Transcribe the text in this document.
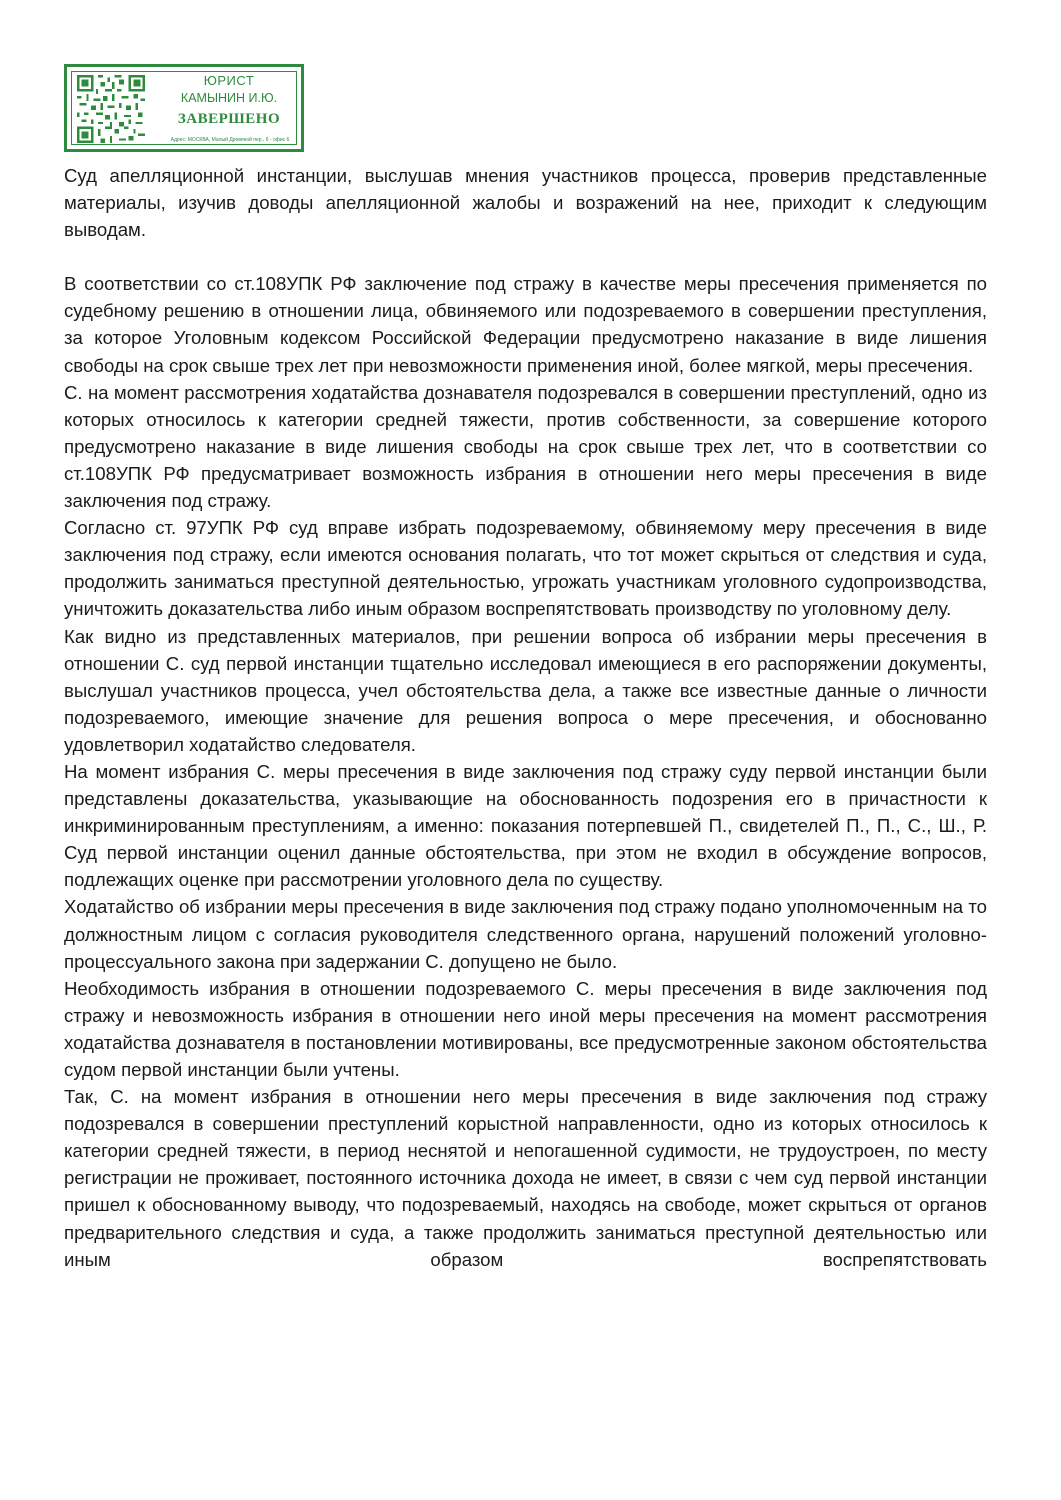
ЮРИСТ
КАМЫНИН И.Ю.
ЗАВЕРШЕНО
Адрес: МОСКВА, Малый Дровяной пер., 6 - офис 6

Суд апелляционной инстанции, выслушав мнения участников процесса, проверив представленные материалы, изучив доводы апелляционной жалобы и возражений на нее, приходит к следующим выводам.

В соответствии со ст.108УПК РФ заключение под стражу в качестве меры пресечения применяется по судебному решению в отношении лица, обвиняемого или подозреваемого в совершении преступления, за которое Уголовным кодексом Российской Федерации предусмотрено наказание в виде лишения свободы на срок свыше трех лет при невозможности применения иной, более мягкой, меры пресечения.

С. на момент рассмотрения ходатайства дознавателя подозревался в совершении преступлений, одно из которых относилось к категории средней тяжести, против собственности, за совершение которого предусмотрено наказание в виде лишения свободы на срок свыше трех лет, что в соответствии со ст.108УПК РФ предусматривает возможность избрания в отношении него меры пресечения в виде заключения под стражу.

Согласно ст. 97УПК РФ суд вправе избрать подозреваемому, обвиняемому меру пресечения в виде заключения под стражу, если имеются основания полагать, что тот может скрыться от следствия и суда, продолжить заниматься преступной деятельностью, угрожать участникам уголовного судопроизводства, уничтожить доказательства либо иным образом воспрепятствовать производству по уголовному делу.

Как видно из представленных материалов, при решении вопроса об избрании меры пресечения в отношении С. суд первой инстанции тщательно исследовал имеющиеся в его распоряжении документы, выслушал участников процесса, учел обстоятельства дела, а также все известные данные о личности подозреваемого, имеющие значение для решения вопроса о мере пресечения, и обоснованно удовлетворил ходатайство следователя.

На момент избрания С. меры пресечения в виде заключения под стражу суду первой инстанции были представлены доказательства, указывающие на обоснованность подозрения его в причастности к инкриминированным преступлениям, а именно: показания потерпевшей П., свидетелей П., П., С., Ш., Р. Суд первой инстанции оценил данные обстоятельства, при этом не входил в обсуждение вопросов, подлежащих оценке при рассмотрении уголовного дела по существу.

Ходатайство об избрании меры пресечения в виде заключения под стражу подано уполномоченным на то должностным лицом с согласия руководителя следственного органа, нарушений положений уголовно-процессуального закона при задержании С. допущено не было.

Необходимость избрания в отношении подозреваемого С. меры пресечения в виде заключения под стражу и невозможность избрания в отношении него иной меры пресечения на момент рассмотрения ходатайства дознавателя в постановлении мотивированы, все предусмотренные законом обстоятельства судом первой инстанции были учтены.

Так, С. на момент избрания в отношении него меры пресечения в виде заключения под стражу подозревался в совершении преступлений корыстной направленности, одно из которых относилось к категории средней тяжести, в период неснятой и непогашенной судимости, не трудоустроен, по месту регистрации не проживает, постоянного источника дохода не имеет, в связи с чем суд первой инстанции пришел к обоснованному выводу, что подозреваемый, находясь на свободе, может скрыться от органов предварительного следствия и суда, а также продолжить заниматься преступной деятельностью или иным образом воспрепятствовать
